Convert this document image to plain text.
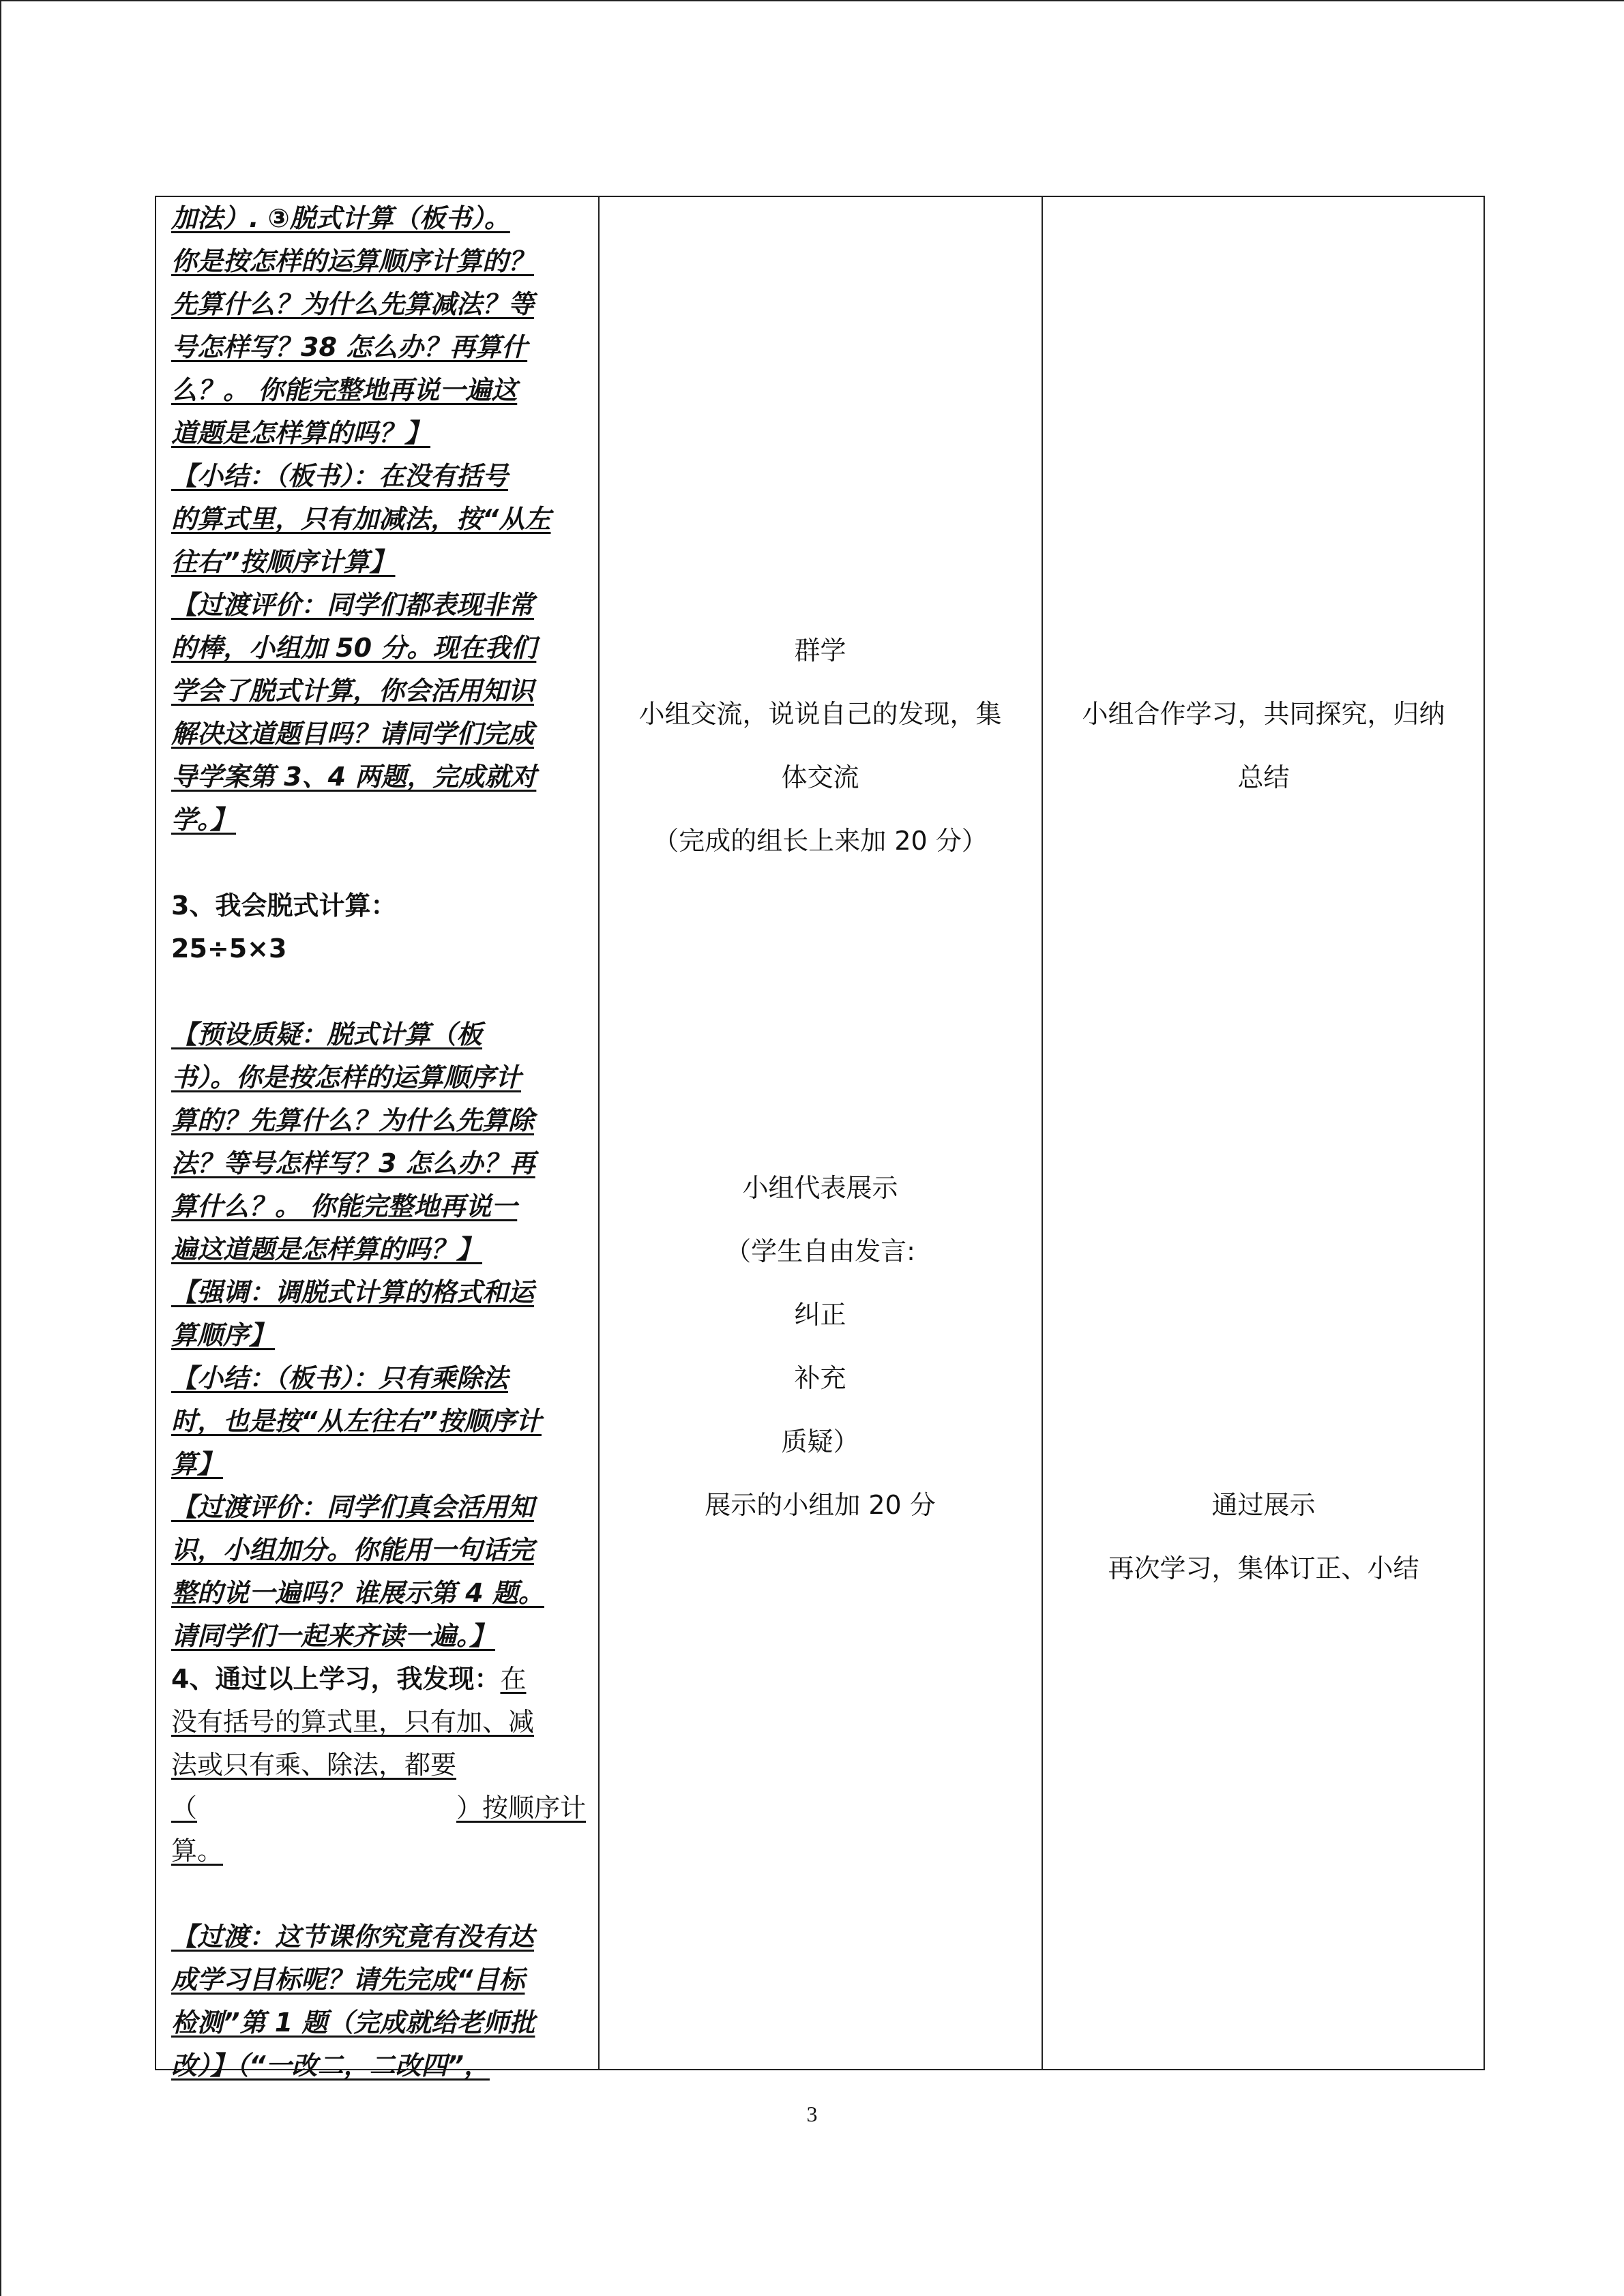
加法）. ③脱式计算（板书）。
你是按怎样的运算顺序计算的？
先算什么？为什么先算减法？等
号怎样写？38 怎么办？再算什
么？。 你能完整地再说一遍这
道题是怎样算的吗？】
【小结：（板书）：在没有括号
的算式里，只有加减法，按“从左
往右”按顺序计算】
【过渡评价：同学们都表现非常
的棒，小组加 50 分。现在我们
学会了脱式计算，你会活用知识
解决这道题目吗？请同学们完成
导学案第 3、4 两题，完成就对
学。】
3、我会脱式计算：
25÷5×3
【预设质疑：脱式计算（板
书）。你是按怎样的运算顺序计
算的？先算什么？为什么先算除
法？等号怎样写？3 怎么办？再
算什么？。 你能完整地再说一
遍这道题是怎样算的吗？】
【强调：调脱式计算的格式和运
算顺序】
【小结：（板书）：只有乘除法
时，也是按“从左往右”按顺序计
算】
【过渡评价：同学们真会活用知
识，小组加分。你能用一句话完
整的说一遍吗？谁展示第 4 题。
请同学们一起来齐读一遍。】
4、通过以上学习，我发现：在
没有括号的算式里，只有加、减
法或只有乘、除法，都要
（	）按顺序计
算。
【过渡：这节课你究竟有没有达
成学习目标呢？请先完成“目标
检测”第 1 题（完成就给老师批
改）】（“一改二，二改四”，
群学
小组交流，说说自己的发现，集
体交流
（完成的组长上来加 20 分）
小组代表展示
（学生自由发言:
纠正
补充
质疑）
展示的小组加 20 分
小组合作学习，共同探究，归纳
总结
通过展示
再次学习，集体订正、小结
3
